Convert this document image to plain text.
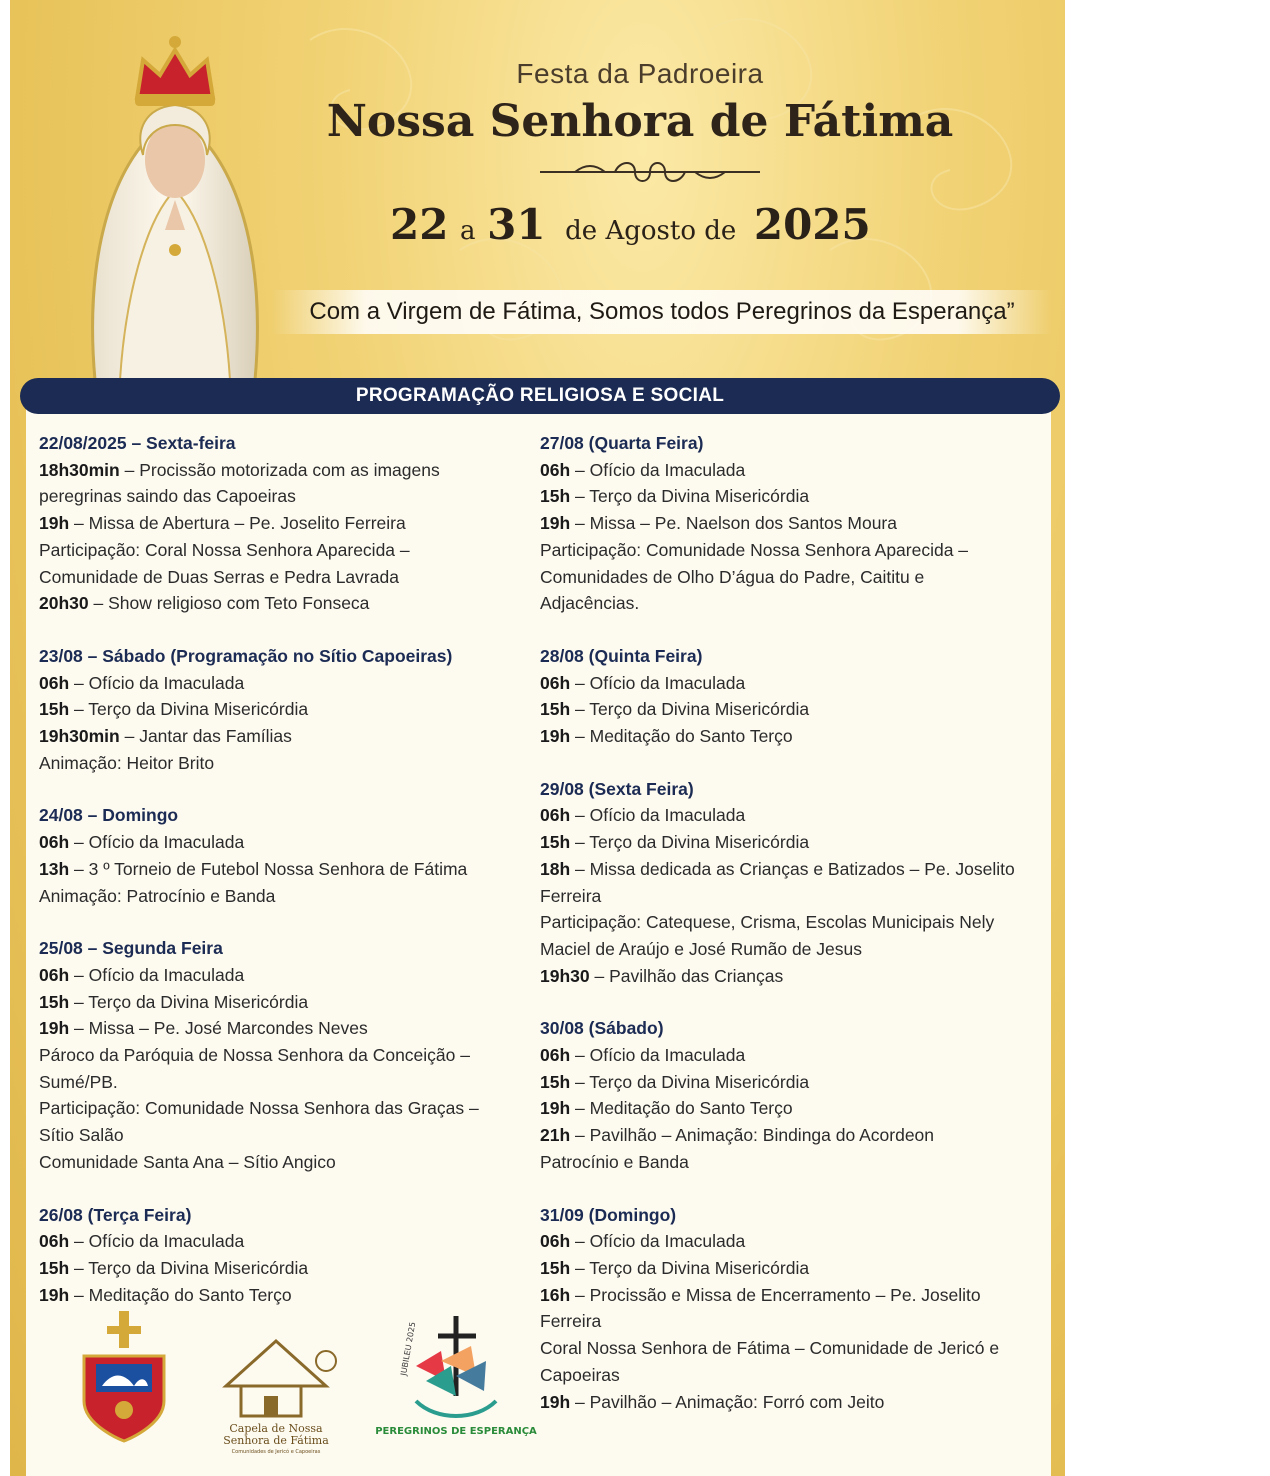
Festa da Padroeira
Nossa Senhora de Fátima
22 a 31 de Agosto de 2025
Com a Virgem de Fátima, Somos todos Peregrinos da Esperança”
22/08/2025 – Sexta-feira
18h30min – Procissão motorizada com as imagens
peregrinas saindo das Capoeiras
19h – Missa de Abertura – Pe. Joselito Ferreira
Participação: Coral Nossa Senhora Aparecida –
Comunidade de Duas Serras e Pedra Lavrada
20h30 – Show religioso com Teto Fonseca
23/08 – Sábado (Programação no Sítio Capoeiras)
06h – Ofício da Imaculada
15h – Terço da Divina Misericórdia
19h30min – Jantar das Famílias
Animação: Heitor Brito
24/08 – Domingo
06h – Ofício da Imaculada
13h – 3 º Torneio de Futebol Nossa Senhora de Fátima
Animação: Patrocínio e Banda
25/08 – Segunda Feira
06h – Ofício da Imaculada
15h – Terço da Divina Misericórdia
19h – Missa – Pe. José Marcondes Neves
Pároco da Paróquia de Nossa Senhora da Conceição –
Sumé/PB.
Participação: Comunidade Nossa Senhora das Graças –
Sítio Salão
Comunidade Santa Ana – Sítio Angico
26/08 (Terça Feira)
06h – Ofício da Imaculada
15h – Terço da Divina Misericórdia
19h – Meditação do Santo Terço
27/08 (Quarta Feira)
06h – Ofício da Imaculada
15h – Terço da Divina Misericórdia
19h – Missa – Pe. Naelson dos Santos Moura
Participação: Comunidade Nossa Senhora Aparecida –
Comunidades de Olho D’água do Padre, Caititu e
Adjacências.
28/08 (Quinta Feira)
06h – Ofício da Imaculada
15h – Terço da Divina Misericórdia
19h – Meditação do Santo Terço
29/08 (Sexta Feira)
06h – Ofício da Imaculada
15h – Terço da Divina Misericórdia
18h – Missa dedicada as Crianças e Batizados – Pe. Joselito
Ferreira
Participação: Catequese, Crisma, Escolas Municipais Nely
Maciel de Araújo e José Rumão de Jesus
19h30 – Pavilhão das Crianças
30/08 (Sábado)
06h – Ofício da Imaculada
15h – Terço da Divina Misericórdia
19h – Meditação do Santo Terço
21h – Pavilhão – Animação: Bindinga do Acordeon
Patrocínio e Banda
31/09 (Domingo)
06h – Ofício da Imaculada
15h – Terço da Divina Misericórdia
16h – Procissão e Missa de Encerramento – Pe. Joselito
Ferreira
Coral Nossa Senhora de Fátima – Comunidade de Jericó e
Capoeiras
19h – Pavilhão – Animação: Forró com Jeito
Capela de Nossa
Senhora de Fátima
Comunidades de Jericó e Capoeiras
JUBILEU 2025
PEREGRINOS DE ESPERANÇA
PROGRAMAÇÃO RELIGIOSA E SOCIAL
